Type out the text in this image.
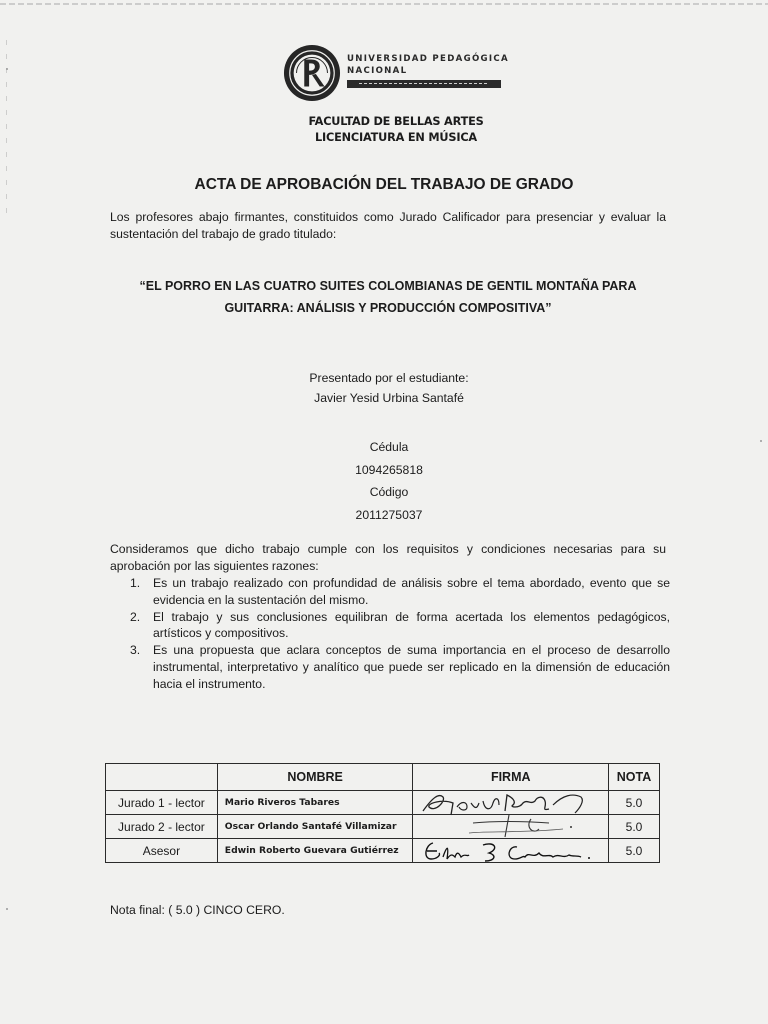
UNIVERSIDAD PEDAGÓGICA
NACIONAL
FACULTAD DE BELLAS ARTES
LICENCIATURA EN MÚSICA
ACTA DE APROBACIÓN DEL TRABAJO DE GRADO

Los profesores abajo firmantes, constituidos como Jurado Calificador para presenciar y evaluar la sustentación del trabajo de grado titulado:

“EL PORRO EN LAS CUATRO SUITES COLOMBIANAS DE GENTIL MONTAÑA PARA
GUITARRA: ANÁLISIS Y PRODUCCIÓN COMPOSITIVA”
Presentado por el estudiante:
Javier Yesid Urbina Santafé
Cédula
1094265818
Código
2011275037

Consideramos que dicho trabajo cumple con los requisitos y condiciones necesarias para su aprobación por las siguientes razones:

1.	Es un trabajo realizado con profundidad de análisis sobre el tema abordado, evento que se evidencia en la sustentación del mismo.
2.	El trabajo y sus conclusiones equilibran de forma acertada los elementos pedagógicos, artísticos y compositivos.
3.	Es una propuesta que aclara conceptos de suma importancia en el proceso de desarrollo instrumental, interpretativo y analítico que puede ser replicado en la dimensión de educación hacia el instrumento.
	NOMBRE	FIRMA	NOTA
Jurado 1 - lector	Mario Riveros Tabares		5.0
Jurado 2 - lector	Oscar Orlando Santafé Villamizar		5.0
Asesor	Edwin Roberto Guevara Gutiérrez		5.0
Nota final: ( 5.0 ) CINCO CERO.
